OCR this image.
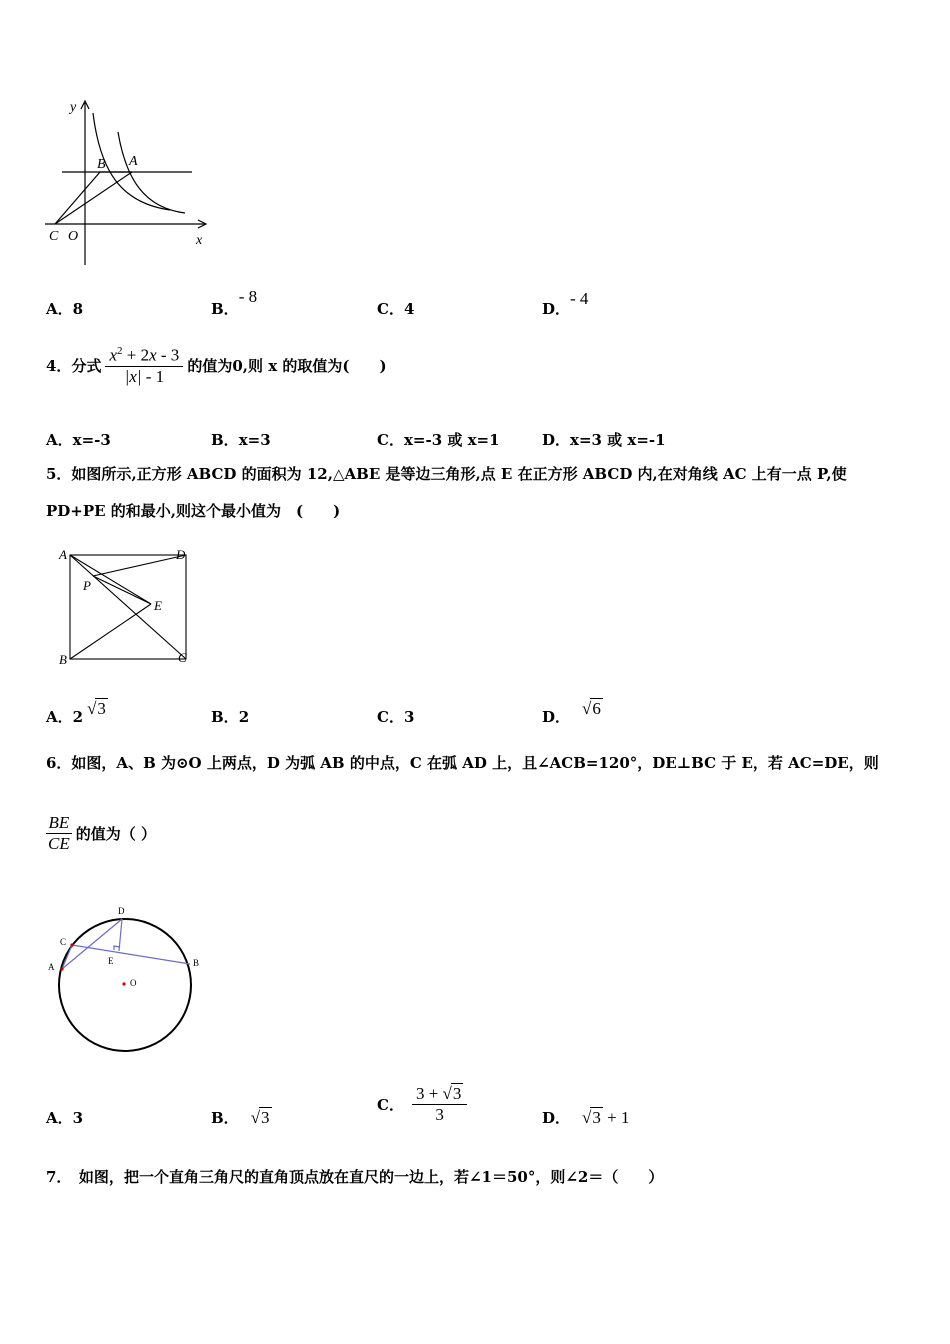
y
B A
C O	x
A．8	B．- 8
C．4	D．- 4
4． 分式 $\frac{x^2 + 2x - 3}{|x| - 1}$ 的值为0,则 x 的取值为(　　)
A．x=-3	B．x=3	C．x=-3 或 x=1	D．x=3 或 x=-1
5．如图所示,正方形 ABCD 的面积为 12,△ABE 是等边三角形,点 E 在正方形 ABCD 内,在对角线 AC 上有一点 P,使
PD+PE 的和最小,则这个最小值为　(　　)
A	D
P
E
B	C
A．2 √3	B．2	C．3	D． √6
6．如图，A、B 为⊙O 上两点，D 为弧 AB 的中点，C 在弧 AD 上，且∠ACB=120°，DE⊥BC 于 E，若 AC=DE，则
$\frac{BE}{CE}$ 的值为（ ）
D
C
A
E	B
O
A．3	B． √3
C． $\frac{3 + √3}{3}$	D． √3 + 1
7．　如图，把一个直角三角尺的直角顶点放在直尺的一边上，若∠1＝50°，则∠2＝（　　）
